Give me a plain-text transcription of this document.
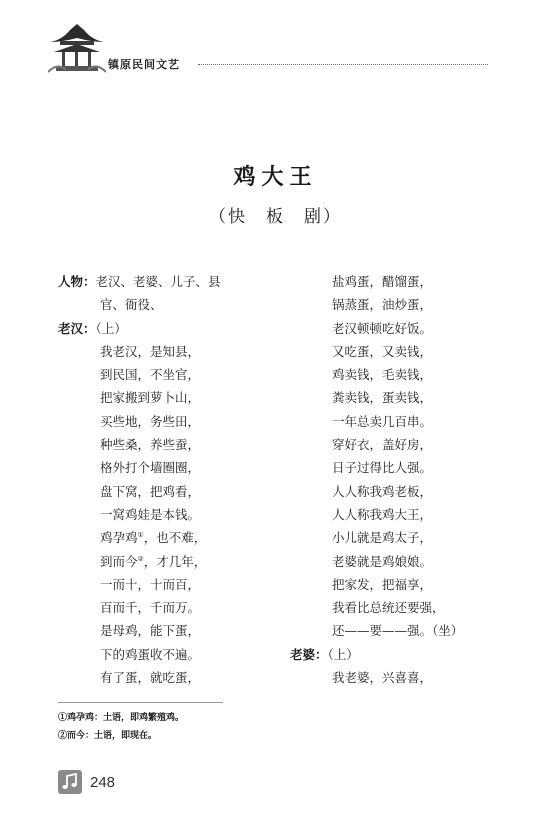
镇原民间文艺
鸡大王
（快　板　剧）
人物：老汉、老婆、儿子、县
官、衙役、
老汉：（上）
我老汉，是知县，
到民国，不坐官，
把家搬到萝卜山，
买些地，务些田，
种些桑，养些蚕，
格外打个墙圈圈，
盘下窝，把鸡看，
一窝鸡娃是本钱。
鸡孕鸡①，也不难，
到而今②，才几年，
一而十，十而百，
百而千，千而万。
是母鸡，能下蛋，
下的鸡蛋收不遍。
有了蛋，就吃蛋，
盐鸡蛋，醋馏蛋，
锅蒸蛋，油炒蛋，
老汉顿顿吃好饭。
又吃蛋，又卖钱，
鸡卖钱，毛卖钱，
粪卖钱，蛋卖钱，
一年总卖几百串。
穿好衣，盖好房，
日子过得比人强。
人人称我鸡老板，
人人称我鸡大王，
小儿就是鸡太子，
老婆就是鸡娘娘。
把家发，把福享，
我看比总统还要强，
还——要——强。（坐）
老婆：（上）
我老婆，兴喜喜，
①鸡孕鸡：土语，即鸡繁殖鸡。
②而今：土语，即现在。
248
